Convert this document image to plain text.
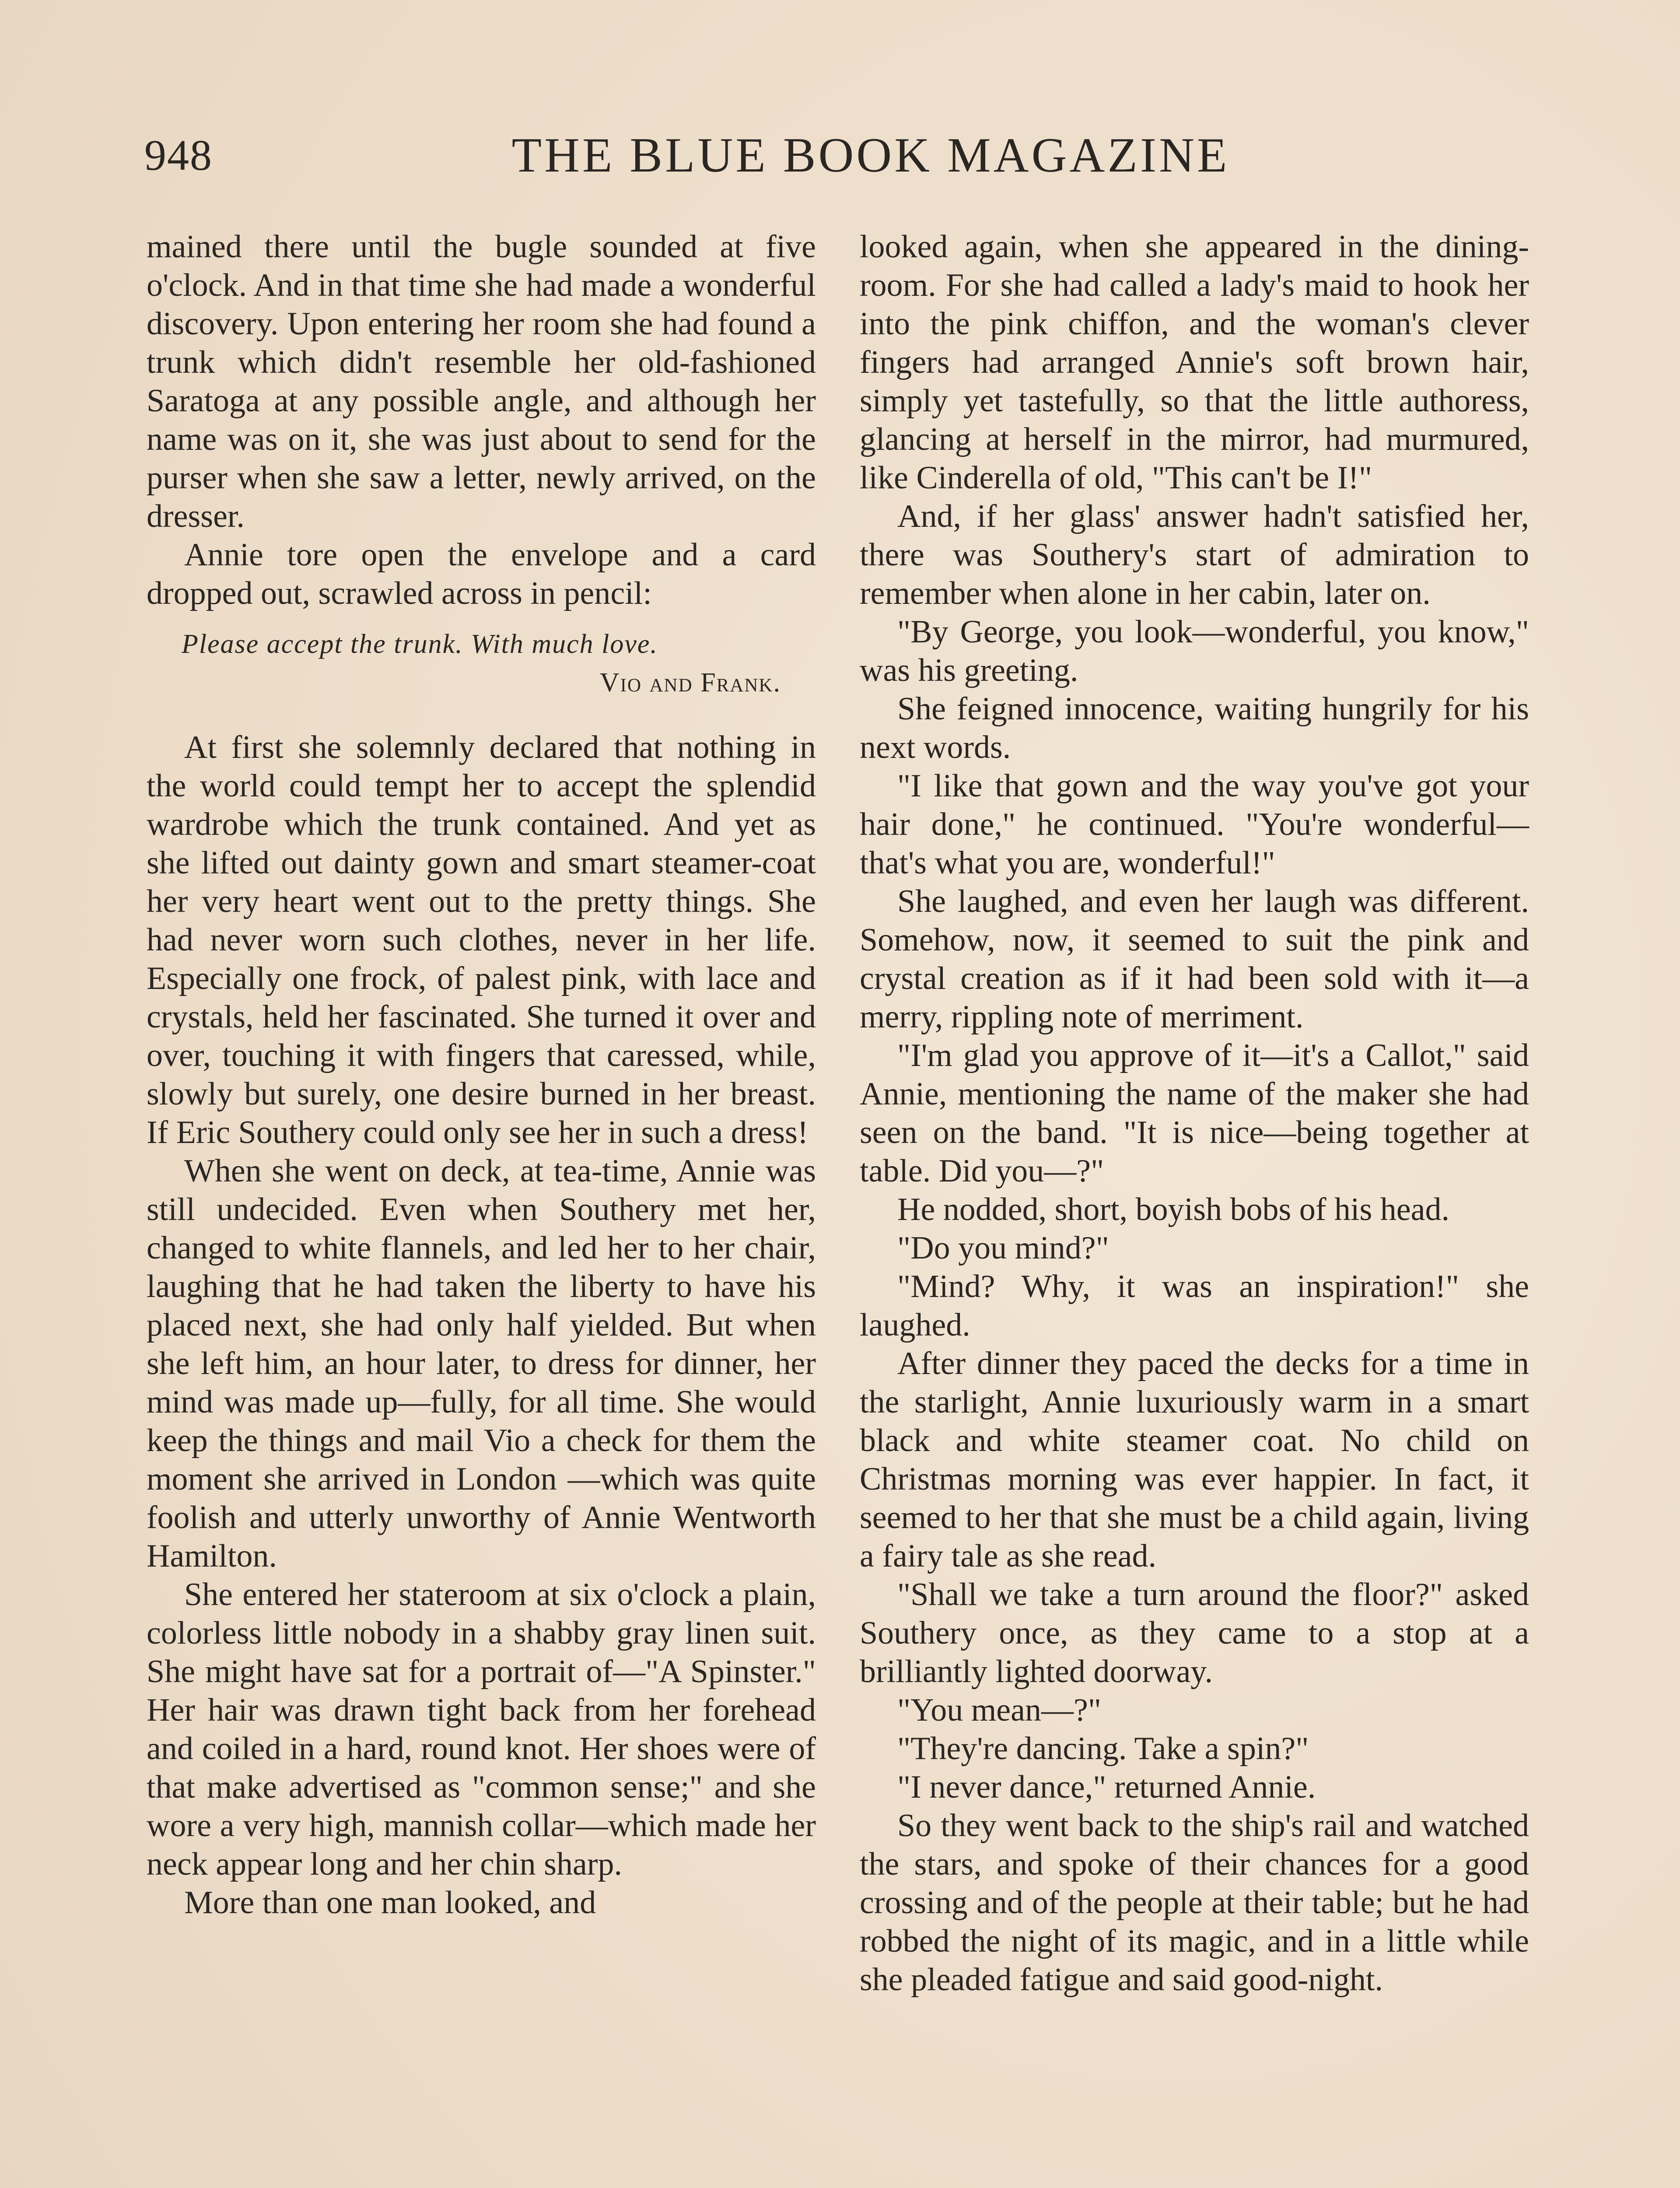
948	THE BLUE BOOK MAGAZINE

mained there until the bugle sounded at five o'clock. And in that time she had made a wonderful discovery. Upon entering her room she had found a trunk which didn't resemble her old-fashioned Saratoga at any possible angle, and although her name was on it, she was just about to send for the purser when she saw a letter, newly arrived, on the dresser.

Annie tore open the envelope and a card dropped out, scrawled across in pencil:

Please accept the trunk. With much love.
Vio and Frank.

At first she solemnly declared that nothing in the world could tempt her to accept the splendid wardrobe which the trunk contained. And yet as she lifted out dainty gown and smart steamer-coat her very heart went out to the pretty things. She had never worn such clothes, never in her life. Especially one frock, of palest pink, with lace and crystals, held her fascinated. She turned it over and over, touching it with fingers that caressed, while, slowly but surely, one desire burned in her breast. If Eric Southery could only see her in such a dress!

When she went on deck, at tea-time, Annie was still undecided. Even when Southery met her, changed to white flannels, and led her to her chair, laughing that he had taken the liberty to have his placed next, she had only half yielded. But when she left him, an hour later, to dress for dinner, her mind was made up—fully, for all time. She would keep the things and mail Vio a check for them the moment she arrived in London —which was quite foolish and utterly unworthy of Annie Wentworth Hamilton.

She entered her stateroom at six o'clock a plain, colorless little nobody in a shabby gray linen suit. She might have sat for a portrait of—"A Spinster." Her hair was drawn tight back from her forehead and coiled in a hard, round knot. Her shoes were of that make advertised as "common sense;" and she wore a very high, mannish collar—which made her neck appear long and her chin sharp.

More than one man looked, and

looked again, when she appeared in the dining-room. For she had called a lady's maid to hook her into the pink chiffon, and the woman's clever fingers had arranged Annie's soft brown hair, simply yet tastefully, so that the little authoress, glancing at herself in the mirror, had murmured, like Cinderella of old, "This can't be I!"

And, if her glass' answer hadn't satisfied her, there was Southery's start of admiration to remember when alone in her cabin, later on.

"By George, you look—wonderful, you know," was his greeting.

She feigned innocence, waiting hungrily for his next words.

"I like that gown and the way you've got your hair done," he continued. "You're wonderful—that's what you are, wonderful!"

She laughed, and even her laugh was different. Somehow, now, it seemed to suit the pink and crystal creation as if it had been sold with it—a merry, rippling note of merriment.

"I'm glad you approve of it—it's a Callot," said Annie, mentioning the name of the maker she had seen on the band. "It is nice—being together at table. Did you—?"

He nodded, short, boyish bobs of his head.

"Do you mind?"

"Mind? Why, it was an inspiration!" she laughed.

After dinner they paced the decks for a time in the starlight, Annie luxuriously warm in a smart black and white steamer coat. No child on Christmas morning was ever happier. In fact, it seemed to her that she must be a child again, living a fairy tale as she read.

"Shall we take a turn around the floor?" asked Southery once, as they came to a stop at a brilliantly lighted doorway.

"You mean—?"

"They're dancing. Take a spin?"

"I never dance," returned Annie.

So they went back to the ship's rail and watched the stars, and spoke of their chances for a good crossing and of the people at their table; but he had robbed the night of its magic, and in a little while she pleaded fatigue and said good-night.
